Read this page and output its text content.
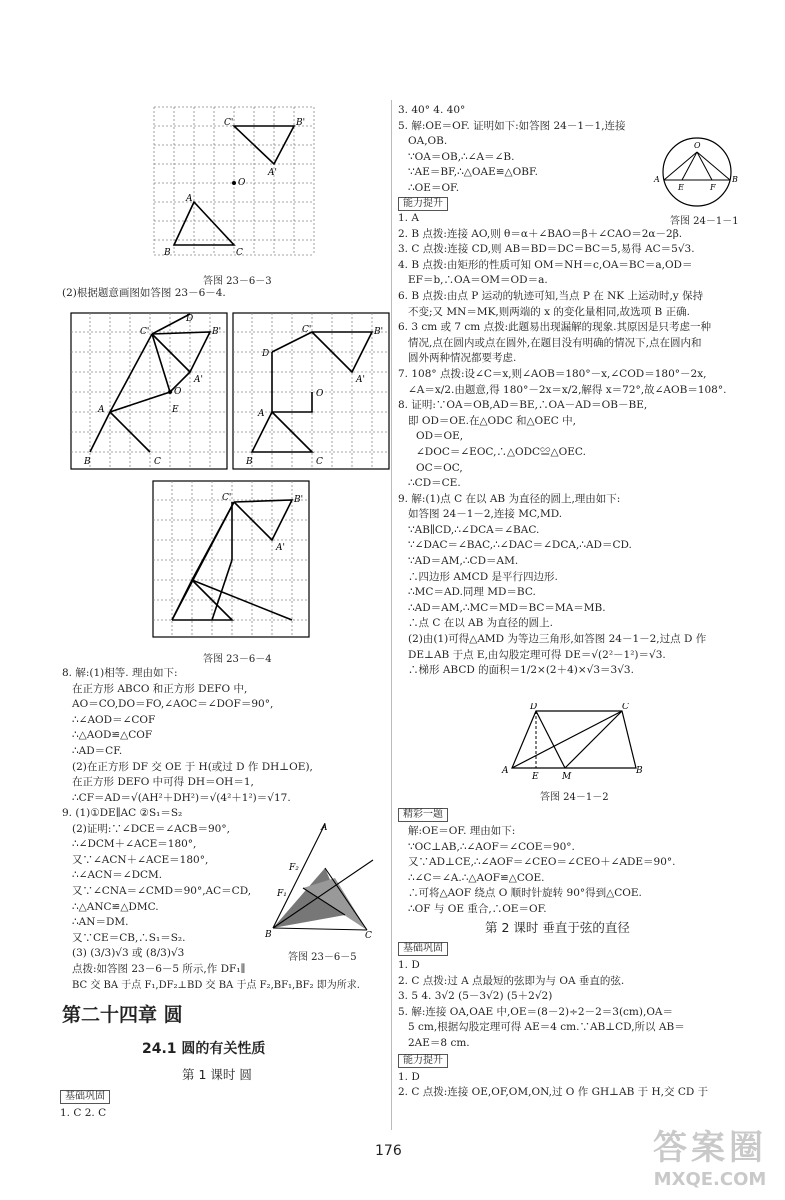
C'	B'
A'
O
A
B	C
答图 23－6－3
(2)根据题意画图如答图 23－6－4.
D
C'	B'
A'
O
A
B	C
E
D
C'	B'
A'
O
A
B	C
C'	B'
A'
答图 23－6－4
8. 解:(1)相等. 理由如下:
在正方形 ABCO 和正方形 DEFO 中,
AO＝CO,DO＝FO,∠AOC＝∠DOF＝90°,
∴∠AOD＝∠COF
∴△AOD≌△COF
∴AD＝CF.
(2)在正方形 DF 交 OE 于 H(或过 D 作 DH⊥OE),
在正方形 DEFO 中可得 DH＝OH＝1,
∴CF＝AD＝√(AH²＋DH²)＝√(4²＋1²)＝√17.
9. (1)①DE∥AC ②S₁＝S₂
(2)证明:∵∠DCE＝∠ACB＝90°,
∴∠DCM＋∠ACE＝180°,
又∵∠ACN＋∠ACE＝180°,
∴∠ACN＝∠DCM.
又∵∠CNA＝∠CMD＝90°,AC＝CD,
∴△ANC≌△DMC.
∴AN＝DM.
又∵CE＝CB,∴S₁＝S₂.
(3) (3/3)√3 或 (8/3)√3
点拨:如答图 23－6－5 所示,作 DF₁∥
BC 交 BA 于点 F₁,DF₂⊥BD 交 BA 于点 F₂,BF₁,BF₂ 即为所求.
A
F₂
F₁
B	C
答图 23－6－5
第二十四章 圆
24.1 圆的有关性质
第 1 课时 圆
基础巩固
1. C 2. C
3. 40° 4. 40°
5. 解:OE＝OF. 证明如下:如答图 24－1－1,连接
OA,OB.
∵OA＝OB,∴∠A＝∠B.
∵AE＝BF,∴△OAE≌△OBF.
∴OE＝OF.
O
A
E	F
B
能力提升
答图 24－1－1
1. A
2. B 点拨:连接 AO,则 θ＝α＋∠BAO＝β＋∠CAO＝2α－2β.
3. C 点拨:连接 CD,则 AB＝BD＝DC＝BC＝5,易得 AC＝5√3.
4. B 点拨:由矩形的性质可知 OM＝NH＝c,OA＝BC＝a,OD＝
EF＝b,∴OA＝OM＝OD＝a.
6. B 点拨:由点 P 运动的轨迹可知,当点 P 在 NK 上运动时,y 保持
不变;又 MN＝MK,则两端的 x 的变化量相同,故选项 B 正确.
6. 3 cm 或 7 cm 点拨:此题易出现漏解的现象.其原因是只考虑一种
情况,点在圆内或点在圆外,在题目没有明确的情况下,点在圆内和
圆外两种情况都要考虑.
7. 108° 点拨:设∠C＝x,则∠AOB＝180°－x,∠COD＝180°－2x,
∠A＝x/2.由题意,得 180°－2x＝x/2,解得 x＝72°,故∠AOB＝108°.
8. 证明:∵OA＝OB,AD＝BE,∴OA－AD＝OB－BE,
即 OD＝OE.在△ODC 和△OEC 中,
OD＝OE,
∠DOC＝∠EOC,∴△ODC≌△OEC.
OC＝OC,
∴CD＝CE.
9. 解:(1)点 C 在以 AB 为直径的圆上,理由如下:
如答图 24－1－2,连接 MC,MD.
∵AB∥CD,∴∠DCA＝∠BAC.
∵∠DAC＝∠BAC,∴∠DAC＝∠DCA,∴AD＝CD.
∵AD＝AM,∴CD＝AM.
∴四边形 AMCD 是平行四边形.
∴MC＝AD.同理 MD＝BC.
∴AD＝AM,∴MC＝MD＝BC＝MA＝MB.
∴点 C 在以 AB 为直径的圆上.
(2)由(1)可得△AMD 为等边三角形,如答图 24－1－2,过点 D 作
DE⊥AB 于点 E,由勾股定理可得 DE＝√(2²－1²)＝√3.
∴梯形 ABCD 的面积＝1/2×(2＋4)×√3＝3√3.
D	C
A
E	M
B
答图 24－1－2
精彩一题
解:OE＝OF. 理由如下:
∵OC⊥AB,∴∠AOF＝∠COE＝90°.
又∵AD⊥CE,∴∠AOF＝∠CEO＝∠CEO＋∠ADE＝90°.
∴∠C＝∠A.∴△AOF≌△COE.
∴可将△AOF 绕点 O 顺时针旋转 90°得到△COE.
∴OF 与 OE 重合,∴OE＝OF.
第 2 课时 垂直于弦的直径
基础巩固
1. D
2. C 点拨:过 A 点最短的弦即为与 OA 垂直的弦.
3. 5 4. 3√2 (5－3√2) (5＋2√2)
5. 解:连接 OA,OAE 中,OE＝(8－2)÷2－2＝3(cm),OA＝
5 cm,根据勾股定理可得 AE＝4 cm.∵AB⊥CD,所以 AB＝
2AE＝8 cm.
能力提升
1. D
2. C 点拨:连接 OE,OF,OM,ON,过 O 作 GH⊥AB 于 H,交 CD 于
176	答案圈
MXQE.COM
